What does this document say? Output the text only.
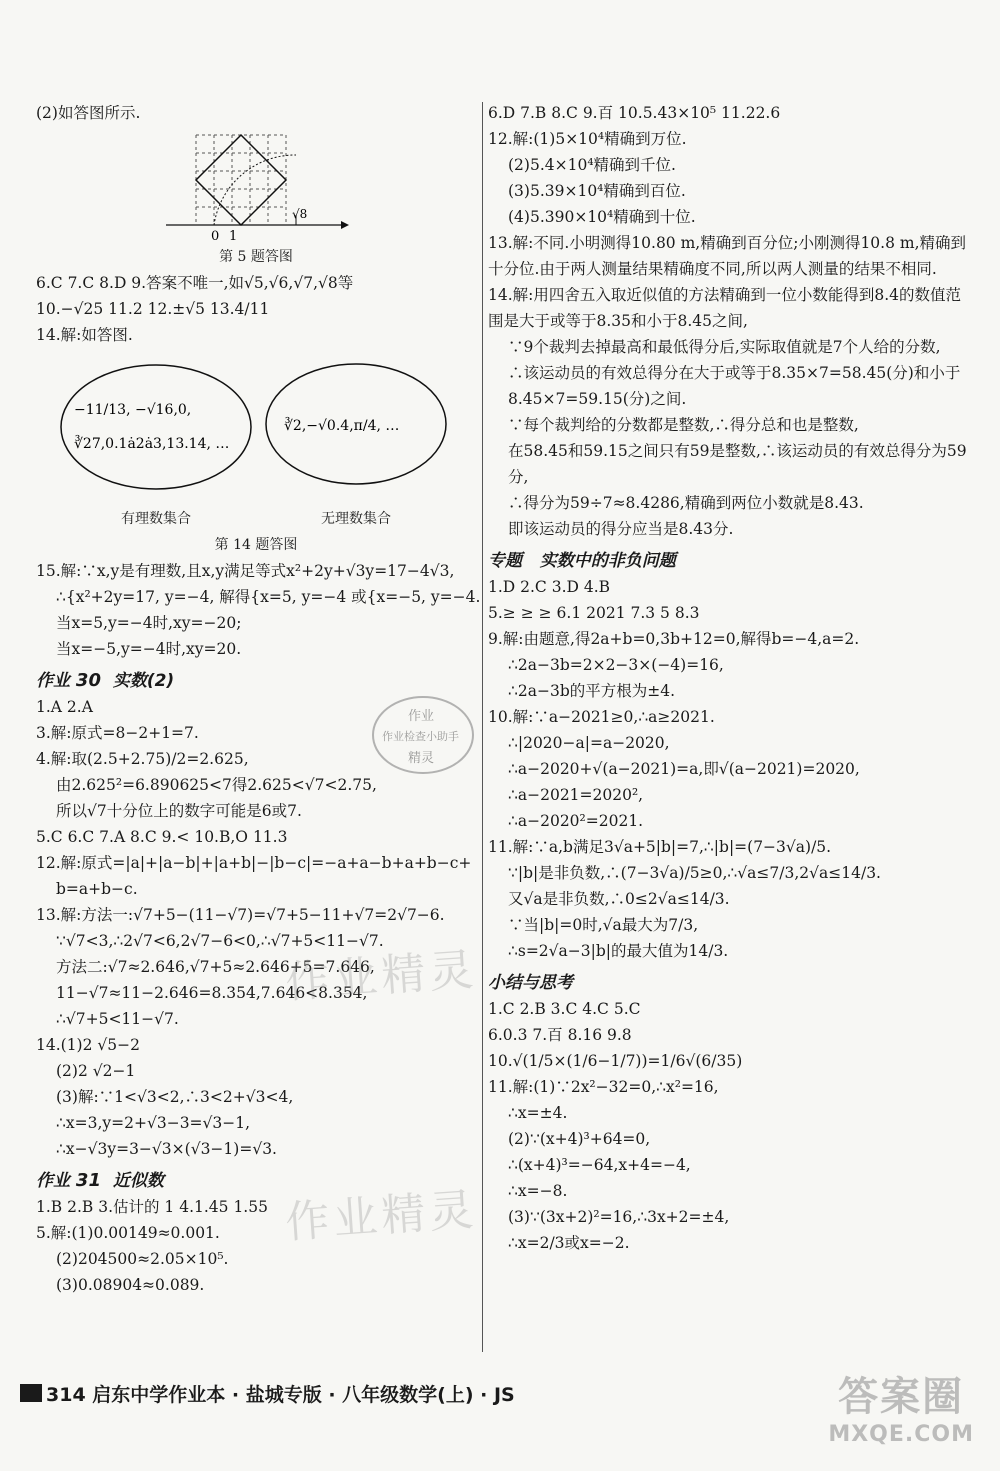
(2)如答图所示.
0 1
√8
第 5 题答图
6.C 7.C 8.D 9.答案不唯一,如√5,√6,√7,√8等
10.−√25 11.2 12.±√5 13.4/11
14.解:如答图.
−11/13, −√16,0,
∛27,0.1ȧ2ȧ3,13.14, …
∛2,−√0.4,π/4, …
有理数集合	无理数集合
第 14 题答图
15.解:∵x,y是有理数,且x,y满足等式x²+2y+√3y=17−4√3,
∴{x²+2y=17, y=−4, 解得{x=5, y=−4 或{x=−5, y=−4.
当x=5,y=−4时,xy=−20;
当x=−5,y=−4时,xy=20.
作业 30 实数(2)
1.A 2.A
3.解:原式=8−2+1=7.
4.解:取(2.5+2.75)/2=2.625,
由2.625²=6.890625<7得2.625<√7<2.75,
所以√7十分位上的数字可能是6或7.
5.C 6.C 7.A 8.C 9.< 10.B,O 11.3
12.解:原式=|a|+|a−b|+|a+b|−|b−c|=−a+a−b+a+b−c+
b=a+b−c.
13.解:方法一:√7+5−(11−√7)=√7+5−11+√7=2√7−6.
∵√7<3,∴2√7<6,2√7−6<0,∴√7+5<11−√7.
方法二:√7≈2.646,√7+5≈2.646+5=7.646,
11−√7≈11−2.646=8.354,7.646<8.354,
∴√7+5<11−√7.
14.(1)2 √5−2
(2)2 √2−1
(3)解:∵1<√3<2,∴3<2+√3<4,
∴x=3,y=2+√3−3=√3−1,
∴x−√3y=3−√3×(√3−1)=√3.
作业 31 近似数
1.B 2.B 3.估计的 1 4.1.45 1.55
5.解:(1)0.00149≈0.001.
(2)204500≈2.05×10⁵.
(3)0.08904≈0.089.
6.D 7.B 8.C 9.百 10.5.43×10⁵ 11.22.6
12.解:(1)5×10⁴精确到万位.
(2)5.4×10⁴精确到千位.
(3)5.39×10⁴精确到百位.
(4)5.390×10⁴精确到十位.
13.解:不同.小明测得10.80 m,精确到百分位;小刚测得10.8 m,精确到十分位.由于两人测量结果精确度不同,所以两人测量的结果不相同.
14.解:用四舍五入取近似值的方法精确到一位小数能得到8.4的数值范围是大于或等于8.35和小于8.45之间,
∵9个裁判去掉最高和最低得分后,实际取值就是7个人给的分数,
∴该运动员的有效总得分在大于或等于8.35×7=58.45(分)和小于8.45×7=59.15(分)之间.
∵每个裁判给的分数都是整数,∴得分总和也是整数,
在58.45和59.15之间只有59是整数,∴该运动员的有效总得分为59分,
∴得分为59÷7≈8.4286,精确到两位小数就是8.43.
即该运动员的得分应当是8.43分.
专题 实数中的非负问题
1.D 2.C 3.D 4.B
5.≥ ≥ ≥ 6.1 2021 7.3 5 8.3
9.解:由题意,得2a+b=0,3b+12=0,解得b=−4,a=2.
∴2a−3b=2×2−3×(−4)=16,
∴2a−3b的平方根为±4.
10.解:∵a−2021≥0,∴a≥2021.
∴|2020−a|=a−2020,
∴a−2020+√(a−2021)=a,即√(a−2021)=2020,
∴a−2021=2020²,
∴a−2020²=2021.
11.解:∵a,b满足3√a+5|b|=7,∴|b|=(7−3√a)/5.
∵|b|是非负数,∴(7−3√a)/5≥0,∴√a≤7/3,2√a≤14/3.
又√a是非负数,∴0≤2√a≤14/3.
∵当|b|=0时,√a最大为7/3,
∴s=2√a−3|b|的最大值为14/3.
小结与思考
1.C 2.B 3.C 4.C 5.C
6.0.3 7.百 8.16 9.8
10.√(1/5×(1/6−1/7))=1/6√(6/35)
11.解:(1)∵2x²−32=0,∴x²=16,
∴x=±4.
(2)∵(x+4)³+64=0,
∴(x+4)³=−64,x+4=−4,
∴x=−8.
(3)∵(3x+2)²=16,∴3x+2=±4,
∴x=2/3或x=−2.
作业精灵
作业精灵
作业
作业检查小助手
精灵
314 启东中学作业本 · 盐城专版 · 八年级数学(上) · JS	答案圈
MXQE.COM
